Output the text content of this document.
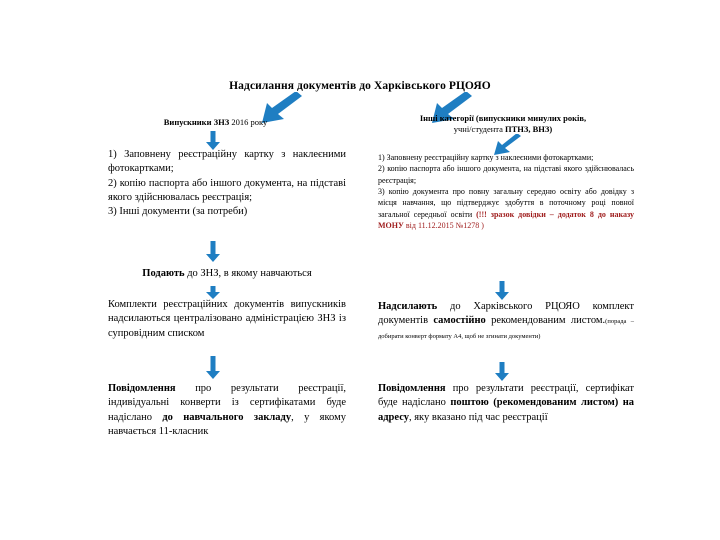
Надсилання документів до Харківського РЦОЯО
Випускники ЗНЗ 2016 року	Інші категорії (випускники минулих років,
учні/студента ПТНЗ, ВНЗ)

1) Заповнену реєстраційну картку з наклеєними фотокартками;

2) копію паспорта або іншого документа, на підставі якого здійснювалась реєстрація;

3) Інші документи (за потреби)

Подають до ЗНЗ, в якому навчаються
Комплекти реєстраційних документів випускників надсилаються централізовано адміністрацією ЗНЗ із супровідним списком
Повідомлення про результати реєстрації, індивідуальні конверти із сертифікатами буде надіслано до навчального закладу, у якому навчається 11-класник

1) Заповнену реєстраційну картку з наклеєними фотокартками;

2) копію паспорта або іншого документа, на підставі якого здійснювалась реєстрація;

3) копію документа про повну загальну середню освіту або довідку з місця навчання, що підтверджує здобуття в поточному році повної загальної середньої освіти (!!! зразок довідки – додаток 8 до наказу МОНУ від 11.12.2015 №1278 )

Надсилають до Харківського РЦОЯО комплект документів самостійно рекомендованим листом.(порада – добирати конверт формату А4, щоб не згинати документи)
Повідомлення про результати реєстрації, сертифікат буде надіслано поштою (рекомендованим листом) на адресу, яку вказано під час реєстрації
